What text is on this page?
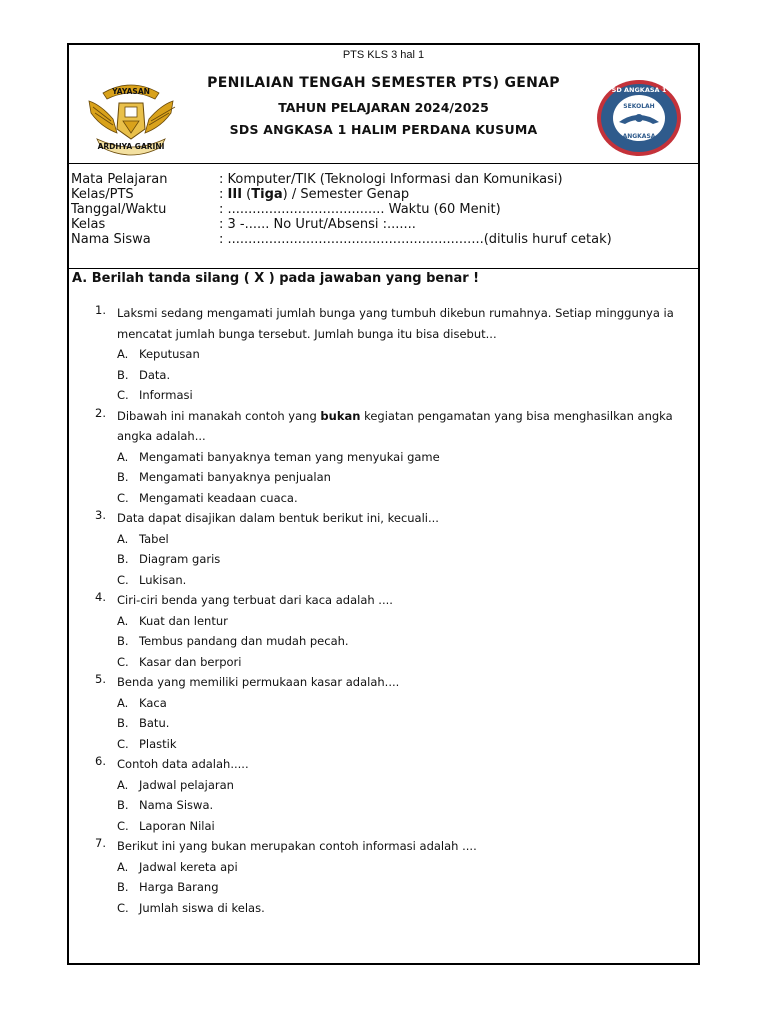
PTS KLS 3 hal 1
YAYASAN
ARDHYA GARINI
PENILAIAN TENGAH SEMESTER PTS) GENAP
TAHUN PELAJARAN 2024/2025
SDS ANGKASA 1 HALIM PERDANA KUSUMA
SD ANGKASA 1
SEKOLAH
ANGKASA
Mata Pelajaran	: Komputer/TIK (Teknologi Informasi dan Komunikasi)
Kelas/PTS	: III (Tiga) / Semester Genap
Tanggal/Waktu	: ...................................... Waktu (60 Menit)
Kelas	: 3 -...... No Urut/Absensi :.......
Nama Siswa	: ..............................................................(ditulis huruf cetak)
A. Berilah tanda silang ( X ) pada jawaban yang benar !
1. Laksmi sedang mengamati jumlah bunga yang tumbuh dikebun rumahnya. Setiap minggunya ia mencatat jumlah bunga tersebut. Jumlah bunga itu bisa disebut...
A. Keputusan
B. Data.
C. Informasi
2. Dibawah ini manakah contoh yang bukan kegiatan pengamatan yang bisa menghasilkan angka angka adalah...
A. Mengamati banyaknya teman yang menyukai game
B. Mengamati banyaknya penjualan
C. Mengamati keadaan cuaca.
3. Data dapat disajikan dalam bentuk berikut ini, kecuali...
A. Tabel
B. Diagram garis
C. Lukisan.
4. Ciri-ciri benda yang terbuat dari kaca adalah ....
A. Kuat dan lentur
B. Tembus pandang dan mudah pecah.
C. Kasar dan berpori
5. Benda yang memiliki permukaan kasar adalah....
A. Kaca
B. Batu.
C. Plastik
6. Contoh data adalah.....
A. Jadwal pelajaran
B. Nama Siswa.
C. Laporan Nilai
7. Berikut ini yang bukan merupakan contoh informasi adalah ....
A. Jadwal kereta api
B. Harga Barang
C. Jumlah siswa di kelas.
